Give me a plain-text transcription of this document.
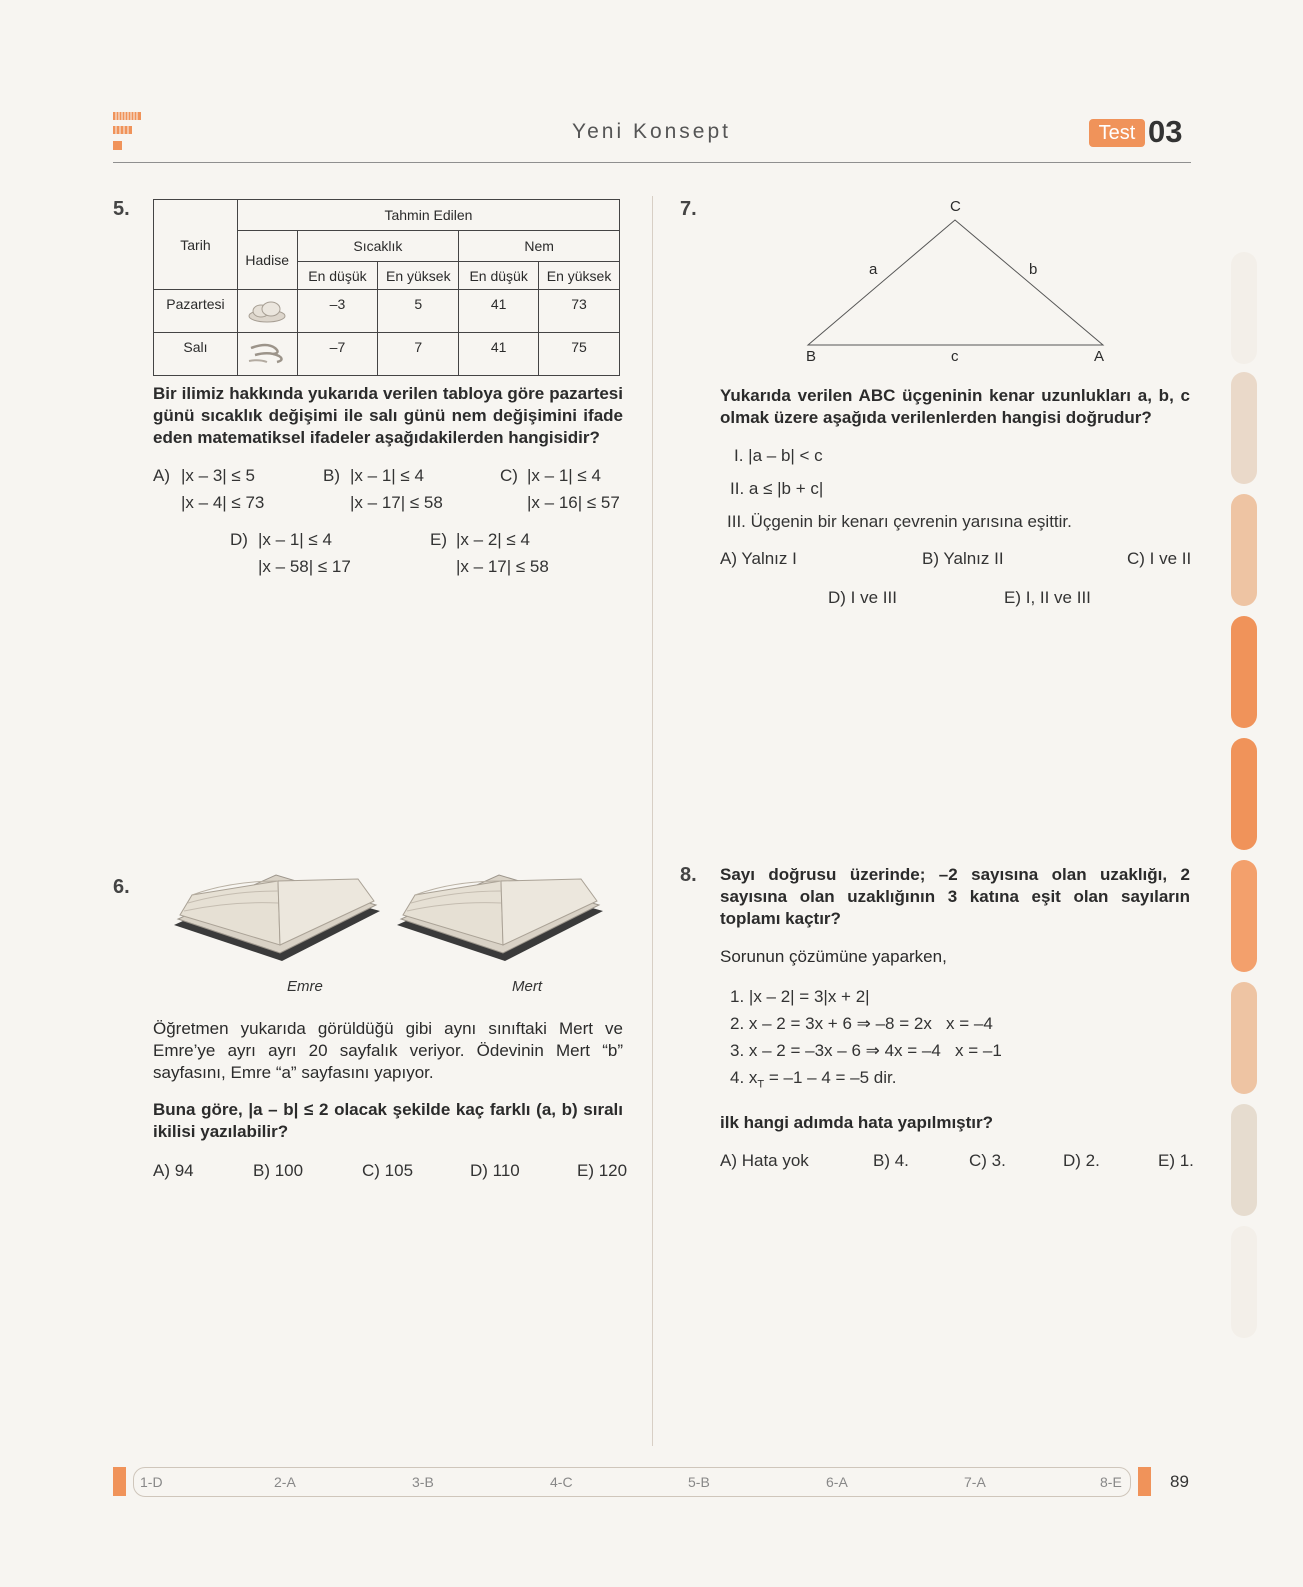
Yeni Konsept	Test 03
5.
Tarih	Tahmin Edilen				
	Hadise	Sıcaklık		Nem	
		En düşük	En yüksek	En düşük	En yüksek
Pazartesi		–3	5	41	73
Salı		–7	7	41	75
Bir ilimiz hakkında yukarıda verilen tabloya göre pazartesi günü sıcaklık değişimi ile salı günü nem değişimini ifade eden matematiksel ifadeler aşağıdakilerden hangisidir?
A) |x – 3| ≤ 5
|x – 4| ≤ 73
B) |x – 1| ≤ 4
|x – 17| ≤ 58
C) |x – 1| ≤ 4
|x – 16| ≤ 57
D) |x – 1| ≤ 4
|x – 58| ≤ 17
E) |x – 2| ≤ 4
|x – 17| ≤ 58
6.
Emre	Mert
Öğretmen yukarıda görüldüğü gibi aynı sınıftaki Mert ve Emre’ye ayrı ayrı 20 sayfalık veriyor. Ödevinin Mert “b” sayfasını, Emre “a” sayfasını yapıyor.
Buna göre, |a – b| ≤ 2 olacak şekilde kaç farklı (a, b) sıralı ikilisi yazılabilir?
A) 94	B) 100	C) 105	D) 110	E) 120
7.	C
B	A
a	b
c
Yukarıda verilen ABC üçgeninin kenar uzunlukları a, b, c olmak üzere aşağıda verilenlerden hangisi doğrudur?
I. |a – b| < c
II. a ≤ |b + c|
III. Üçgenin bir kenarı çevrenin yarısına eşittir.
A) Yalnız I	B) Yalnız II	C) I ve II
D) I ve III	E) I, II ve III
8. Sayı doğrusu üzerinde; –2 sayısına olan uzaklığı, 2 sayısına olan uzaklığının 3 katına eşit olan sayıların toplamı kaçtır?
Sorunun çözümüne yaparken,
1. |x – 2| = 3|x + 2|
2. x – 2 = 3x + 6 ⇒ –8 = 2x   x = –4
3. x – 2 = –3x – 6 ⇒ 4x = –4   x = –1
4. $x_T = -1 - 4 = -5$ dir.
ilk hangi adımda hata yapılmıştır?
A) Hata yok	B) 4.	C) 3.	D) 2.	E) 1.
1-D	2-A	3-B	4-C	5-B	6-A	7-A	8-E	89
